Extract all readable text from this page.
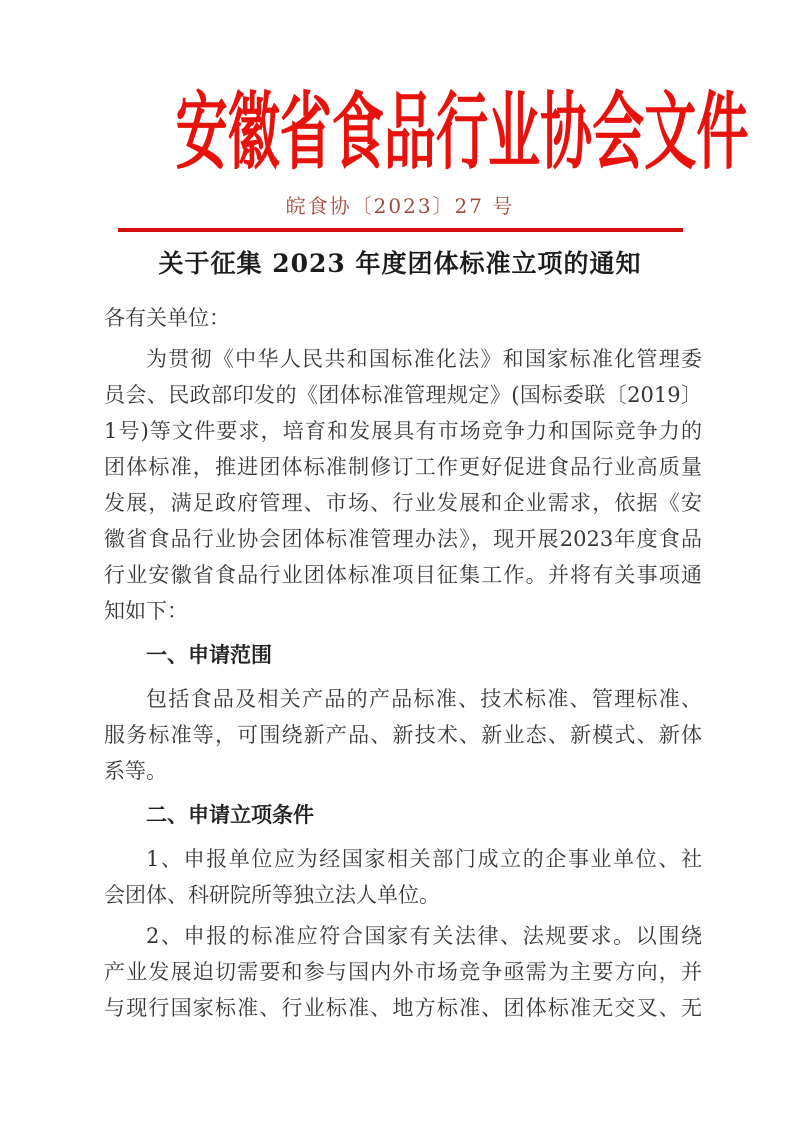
安徽省食品行业协会文件
皖食协〔2023〕27 号
关于征集 2023 年度团体标准立项的通知
各有关单位：
为贯彻《中华人民共和国标准化法》和国家标准化管理委
员会、民政部印发的《团体标准管理规定》(国标委联〔2019〕
1号)等文件要求，培育和发展具有市场竞争力和国际竞争力的
团体标准，推进团体标准制修订工作更好促进食品行业高质量
发展，满足政府管理、市场、行业发展和企业需求，依据《安
徽省食品行业协会团体标准管理办法》，现开展2023年度食品
行业安徽省食品行业团体标准项目征集工作。并将有关事项通
知如下：
一、申请范围
包括食品及相关产品的产品标准、技术标准、管理标准、
服务标准等，可围绕新产品、新技术、新业态、新模式、新体
系等。
二、申请立项条件
1、申报单位应为经国家相关部门成立的企事业单位、社
会团体、科研院所等独立法人单位。
2、申报的标准应符合国家有关法律、法规要求。以围绕
产业发展迫切需要和参与国内外市场竞争亟需为主要方向，并
与现行国家标准、行业标准、地方标准、团体标准无交叉、无
